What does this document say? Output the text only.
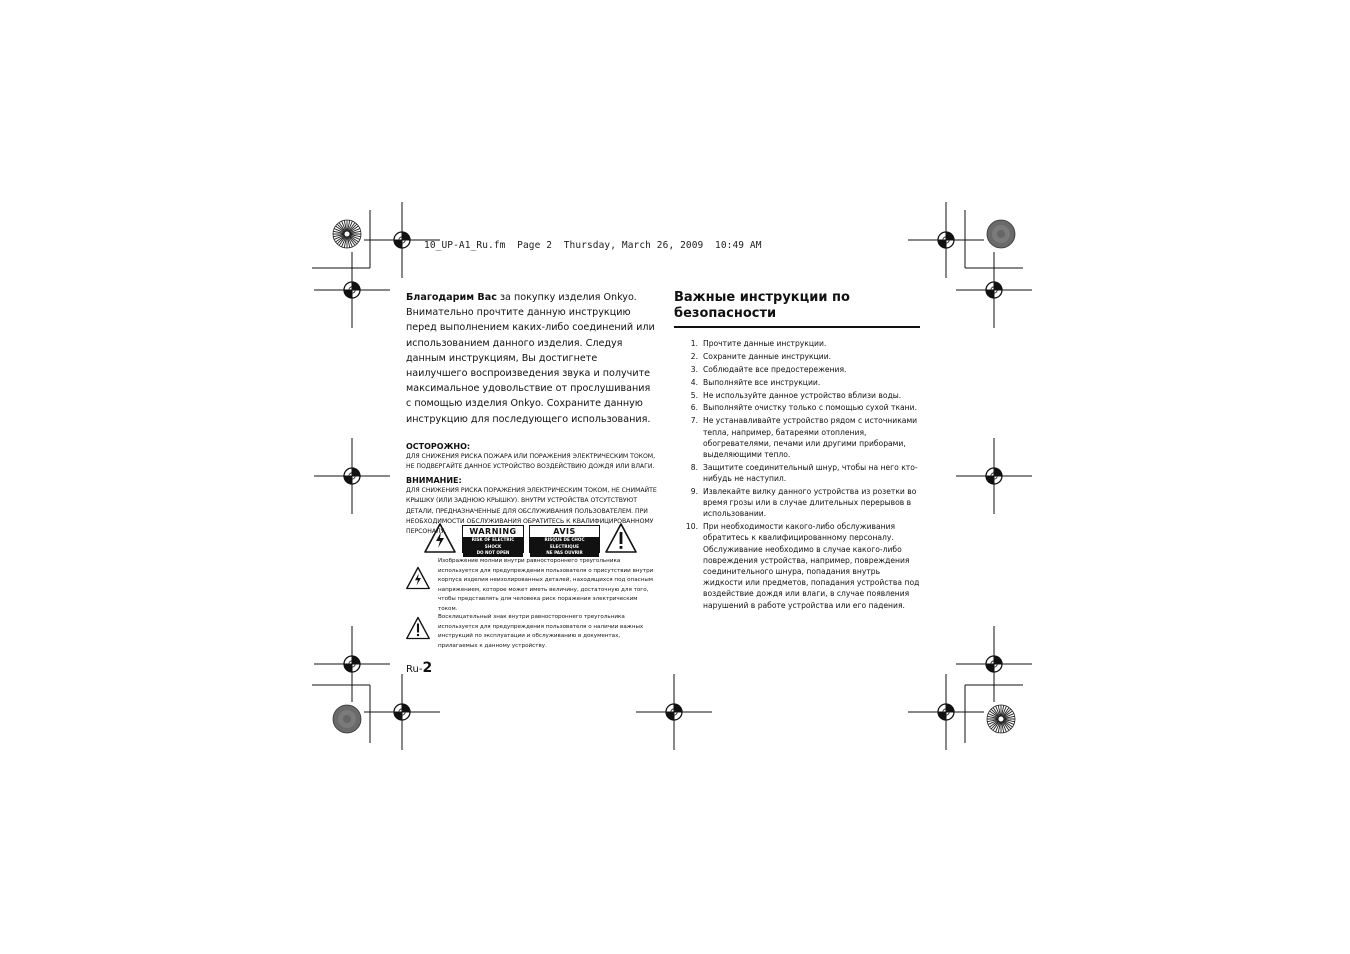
10_UP-A1_Ru.fm Page 2 Thursday, March 26, 2009  10:49 AM

Благодарим Вас за покупку изделия Onkyo. Внимательно прочтите данную инструкцию перед выполнением каких-либо соединений или использованием данного изделия. Следуя данным инструкциям, Вы достигнете наилучшего воспроизведения звука и получите максимальное удовольствие от прослушивания с помощью изделия Onkyo. Сохраните данную инструкцию для последующего использования.

ОСТОРОЖНО:

ДЛЯ СНИЖЕНИЯ РИСКА ПОЖАРА ИЛИ ПОРАЖЕНИЯ ЭЛЕКТРИЧЕСКИМ ТОКОМ, НЕ ПОДВЕРГАЙТЕ ДАННОЕ УСТРОЙСТВО ВОЗДЕЙСТВИЮ ДОЖДЯ ИЛИ ВЛАГИ.

ВНИМАНИЕ:

ДЛЯ СНИЖЕНИЯ РИСКА ПОРАЖЕНИЯ ЭЛЕКТРИЧЕСКИМ ТОКОМ, НЕ СНИМАЙТЕ КРЫШКУ (ИЛИ ЗАДНЮЮ КРЫШКУ). ВНУТРИ УСТРОЙСТВА ОТСУТСТВУЮТ ДЕТАЛИ, ПРЕДНАЗНАЧЕННЫЕ ДЛЯ ОБСЛУЖИВАНИЯ ПОЛЬЗОВАТЕЛЕМ. ПРИ НЕОБХОДИМОСТИ ОБСЛУЖИВАНИЯ ОБРАТИТЕСЬ К КВАЛИФИЦИРОВАННОМУ ПЕРСОНАЛУ.	WARNING
RISK OF ELECTRIC SHOCK
DO NOT OPEN
AVIS
RISQUE DE CHOC ELECTRIQUE
NE PAS OUVRIR

Изображение молнии внутри равностороннего треугольника используется для предупреждения пользователя о присутствии внутри корпуса изделия неизолированных деталей, находящихся под опасным напряжением, которое может иметь величину, достаточную для того, чтобы представлять для человека риск поражения электрическим током.

Восклицательный знак внутри равностороннего треугольника используется для предупреждения пользователя о наличии важных инструкций по эксплуатации и обслуживанию в документах, прилагаемых к данному устройству.

Ru-2
Важные инструкции по безопасности
1. Прочтите данные инструкции.
2. Сохраните данные инструкции.
3. Соблюдайте все предостережения.
4. Выполняйте все инструкции.
5. Не используйте данное устройство вблизи воды.
6. Выполняйте очистку только с помощью сухой ткани.
7. Не устанавливайте устройство рядом с источниками тепла, например, батареями отопления, обогревателями, печами или другими приборами, выделяющими тепло.
8. Защитите соединительный шнур, чтобы на него кто-нибудь не наступил.
9. Извлекайте вилку данного устройства из розетки во время грозы или в случае длительных перерывов в использовании.
10. При необходимости какого-либо обслуживания обратитесь к квалифицированному персоналу. Обслуживание необходимо в случае какого-либо повреждения устройства, например, повреждения соединительного шнура, попадания внутрь жидкости или предметов, попадания устройства под воздействие дождя или влаги, в случае появления нарушений в работе устройства или его падения.
